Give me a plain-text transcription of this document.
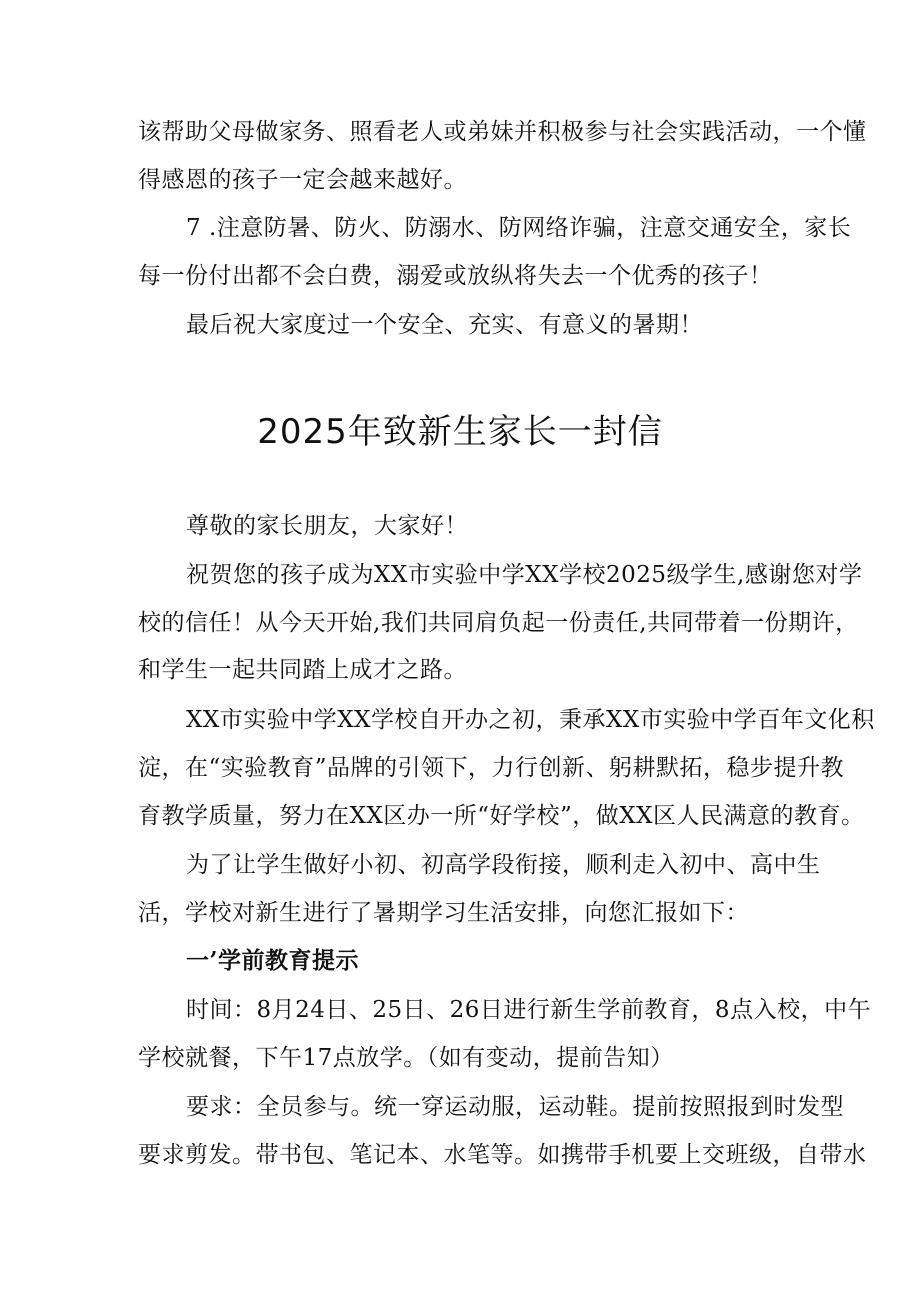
该帮助父母做家务、照看老人或弟妹并积极参与社会实践活动，一个懂
得感恩的孩子一定会越来越好。
7 .注意防暑、防火、防溺水、防网络诈骗，注意交通安全，家长
每一份付出都不会白费，溺爱或放纵将失去一个优秀的孩子！
最后祝大家度过一个安全、充实、有意义的暑期！
2025年致新生家长一封信
尊敬的家长朋友，大家好！
祝贺您的孩子成为XX市实验中学XX学校2025级学生,感谢您对学
校的信任！从今天开始,我们共同肩负起一份责任,共同带着一份期许，
和学生一起共同踏上成才之路。
XX市实验中学XX学校自开办之初，秉承XX市实验中学百年文化积
淀，在“实验教育”品牌的引领下，力行创新、躬耕默拓，稳步提升教
育教学质量，努力在XX区办一所“好学校”，做XX区人民满意的教育。
为了让学生做好小初、初高学段衔接，顺利走入初中、高中生
活，学校对新生进行了暑期学习生活安排，向您汇报如下：
一’学前教育提示
时间：8月24日、25日、26日进行新生学前教育，8点入校，中午
学校就餐，下午17点放学。（如有变动，提前告知）
要求：全员参与。统一穿运动服，运动鞋。提前按照报到时发型
要求剪发。带书包、笔记本、水笔等。如携带手机要上交班级，自带水
